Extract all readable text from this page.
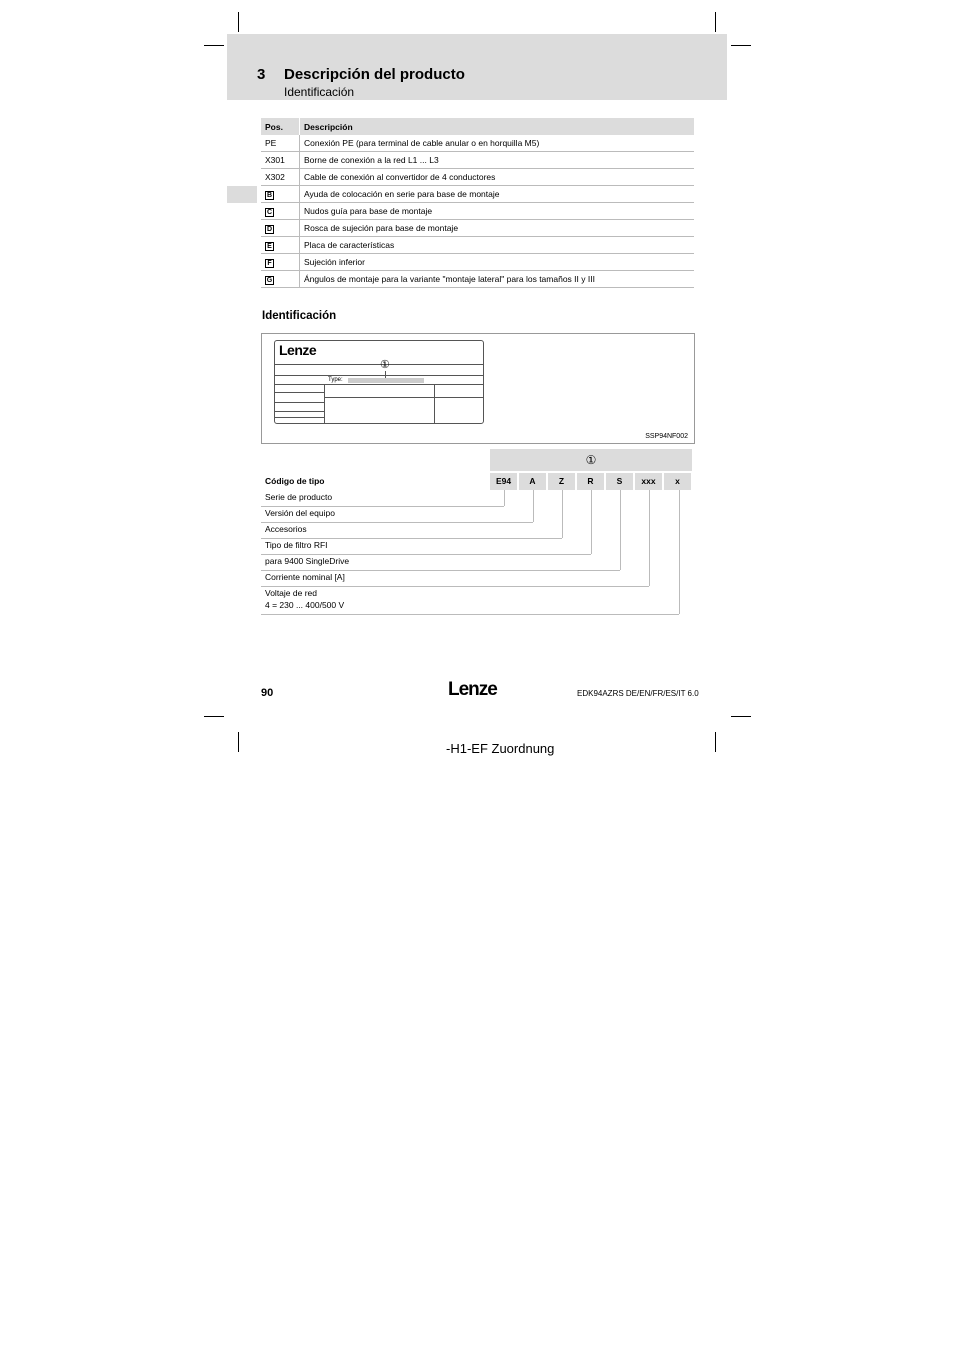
3 Descripción del producto
Identificación
Pos.	Descripción
PE	Conexión PE (para terminal de cable anular o en horquilla M5)
X301	Borne de conexión a la red L1 ... L3
X302	Cable de conexión al convertidor de 4 conductores
B	Ayuda de colocación en serie para base de montaje
C	Nudos guía para base de montaje
D	Rosca de sujeción para base de montaje
E	Placa de características
F	Sujeción inferior
G	Ángulos de montaje para la variante "montaje lateral" para los tamaños II y III
Identificación
Lenze
①
Type:
SSP94NF002
①
E94	A	Z	R	S	xxx	x
Código de tipo
Serie de producto
Versión del equipo
Accesorios
Tipo de filtro RFI
para 9400 SingleDrive
Corriente nominal [A]
Voltaje de red
4 = 230 ... 400/500 V
90	Lenze	EDK94AZRS DE/EN/FR/ES/IT 6.0
-H1-EF Zuordnung
